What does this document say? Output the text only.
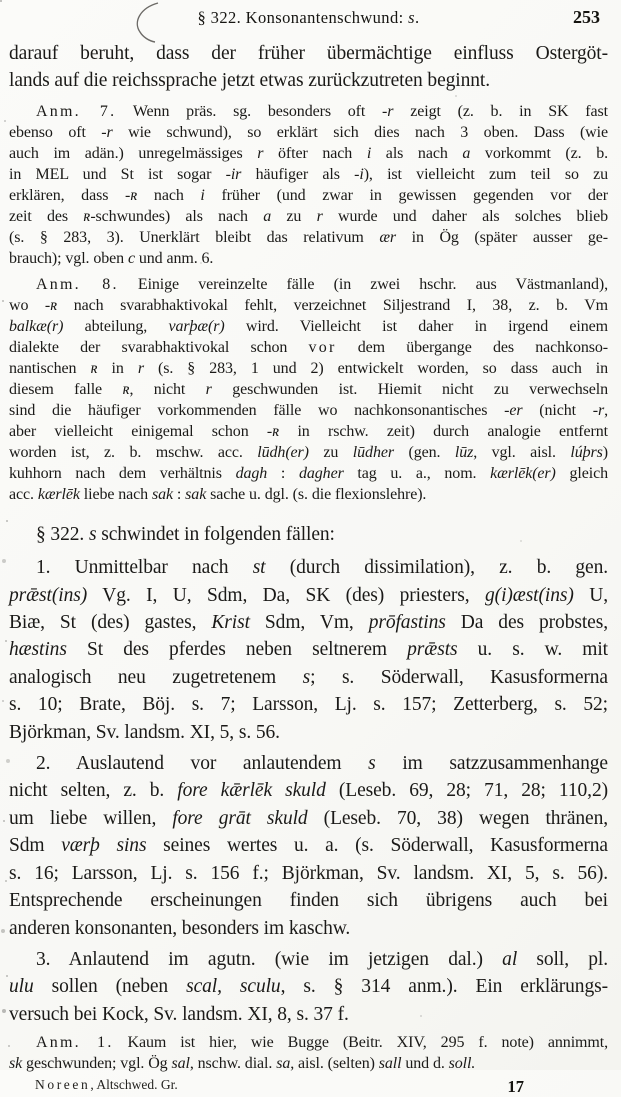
§ 322. Konsonantenschwund: s.	253
darauf beruht, dass der früher übermächtige einfluss Ostergöt-
lands auf die reichssprache jetzt etwas zurückzutreten beginnt.
Anm. 7. Wenn präs. sg. besonders oft -r zeigt (z. b. in SK fast
ebenso oft -r wie schwund), so erklärt sich dies nach 3 oben. Dass (wie
auch im adän.) unregelmässiges r öfter nach i als nach a vorkommt (z. b.
in MEL und St ist sogar -ir häufiger als -i), ist vielleicht zum teil so zu
erklären, dass -ʀ nach i früher (und zwar in gewissen gegenden vor der
zeit des ʀ-schwundes) als nach a zu r wurde und daher als solches blieb
(s. § 283, 3). Unerklärt bleibt das relativum ær in Ög (später ausser ge-
brauch); vgl. oben c und anm. 6.
Anm. 8. Einige vereinzelte fälle (in zwei hschr. aus Västmanland),
wo -ʀ nach svarabhaktivokal fehlt, verzeichnet Siljestrand I, 38, z. b. Vm
balkæ(r) abteilung, varþæ(r) wird. Vielleicht ist daher in irgend einem
dialekte der svarabhaktivokal schon vor dem übergange des nachkonso-
nantischen ʀ in r (s. § 283, 1 und 2) entwickelt worden, so dass auch in
diesem falle ʀ, nicht r geschwunden ist. Hiemit nicht zu verwechseln
sind die häufiger vorkommenden fälle wo nachkonsonantisches -er (nicht -r,
aber vielleicht einigemal schon -ʀ in rschw. zeit) durch analogie entfernt
worden ist, z. b. mschw. acc. lūdh(er) zu lūdher (gen. lūz, vgl. aisl. lúþrs)
kuhhorn nach dem verhältnis dagh : dagher tag u. a., nom. kærlēk(er) gleich
acc. kærlēk liebe nach sak : sak sache u. dgl. (s. die flexionslehre).
§ 322. s schwindet in folgenden fällen:
1. Unmittelbar nach st (durch dissimilation), z. b. gen.
prǣst(ins) Vg. I, U, Sdm, Da, SK (des) priesters, g(i)æst(ins) U,
Biæ, St (des) gastes, Krist Sdm, Vm, prōfastins Da des probstes,
hæstins St des pferdes neben seltnerem prǣsts u. s. w. mit
analogisch neu zugetretenem s; s. Söderwall, Kasusformerna
s. 10; Brate, Böj. s. 7; Larsson, Lj. s. 157; Zetterberg, s. 52;
Björkman, Sv. landsm. XI, 5, s. 56.
2. Auslautend vor anlautendem s im satzzusammenhange
nicht selten, z. b. fore kǣrlēk skuld (Leseb. 69, 28; 71, 28; 110,2)
um liebe willen, fore grāt skuld (Leseb. 70, 38) wegen thränen,
Sdm værþ sins seines wertes u. a. (s. Söderwall, Kasusformerna
s. 16; Larsson, Lj. s. 156 f.; Björkman, Sv. landsm. XI, 5, s. 56).
Entsprechende erscheinungen finden sich übrigens auch bei
anderen konsonanten, besonders im kaschw.
3. Anlautend im agutn. (wie im jetzigen dal.) al soll, pl.
ulu sollen (neben scal, sculu, s. § 314 anm.). Ein erklärungs-
versuch bei Kock, Sv. landsm. XI, 8, s. 37 f.
Anm. 1. Kaum ist hier, wie Bugge (Beitr. XIV, 295 f. note) annimmt,
sk geschwunden; vgl. Ög sal, nschw. dial. sa, aisl. (selten) sall und d. soll.
Noreen, Altschwed. Gr.	17
